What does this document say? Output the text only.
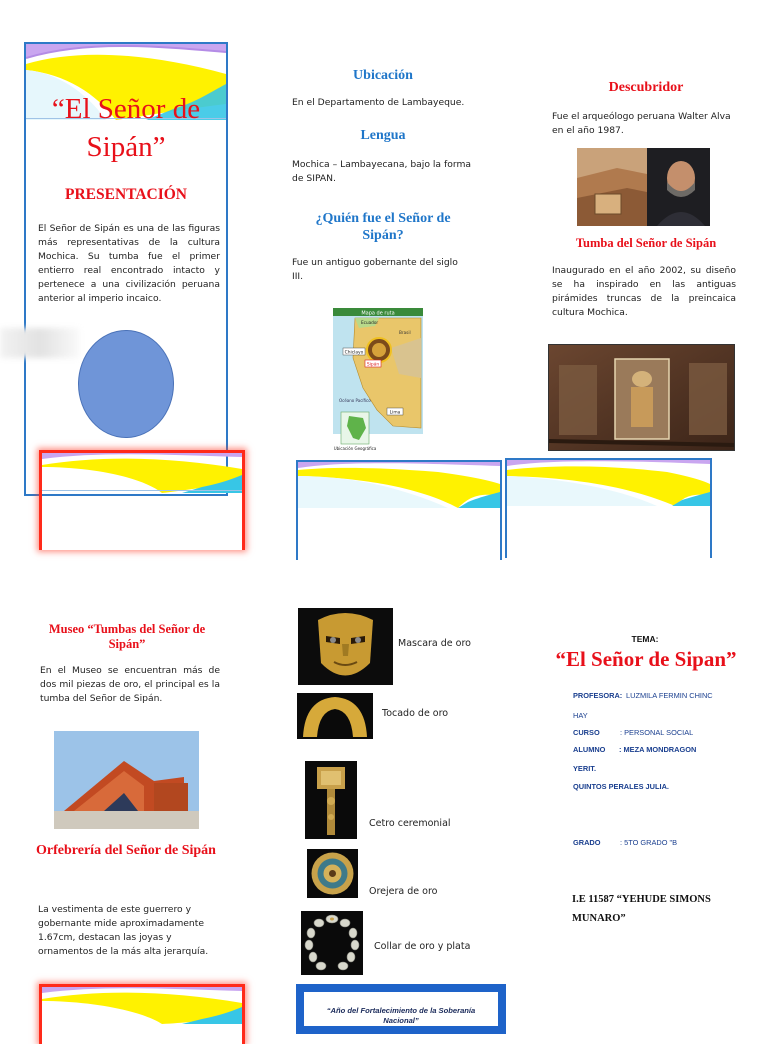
“El Señor de Sipán”
PRESENTACIÓN
El Señor de Sipán es una de las figuras más representativas de la cultura Mochica. Su tumba fue el primer entierro real encontrado intacto y pertenece a una civilización peruana anterior al imperio incaico.
Ubicación
En el Departamento de Lambayeque.
Lengua
Mochica – Lambayecana, bajo la forma de SIPAN.
¿Quién fue el Señor de Sipán?
Fue un antiguo gobernante del siglo III.
Mapa de ruta
Chiclayo
Sipán
Ecuador
Brasil
Océano Pacífico
Lima
Ubicación Geográfica
Descubridor
Fue el arqueólogo peruana Walter Alva en el año 1987.
Tumba del Señor de Sipán
Inaugurado en el año 2002, su diseño se ha inspirado en las antiguas pirámides truncas de la preincaica cultura Mochica.
Museo “Tumbas del Señor de Sipán”
En el Museo se encuentran más de dos mil piezas de oro, el principal es la tumba del Señor de Sipán.
Orfebrería del Señor de Sipán
La vestimenta de este guerrero y gobernante mide aproximadamente 1.67cm, destacan las joyas y ornamentos de la más alta jerarquía.
Mascara de oro
Tocado de oro
Cetro ceremonial
Orejera de oro
Collar de oro y plata
“Año del Fortalecimiento de la Soberanía Nacional”
TEMA:
“El Señor de Sipan”
PROFESORA: LUZMILA FERMIN CHINC
HAY
CURSO	: PERSONAL SOCIAL
ALUMNO : MEZA MONDRAGON
YERIT.
QUINTOS PERALES JULIA.
GRADO	: 5TO GRADO "B
I.E 11587 “YEHUDE SIMONS MUNARO”
